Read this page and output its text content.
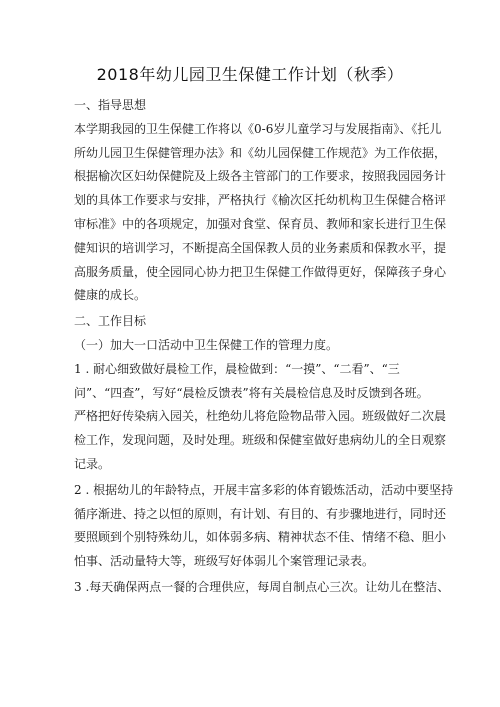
2018年幼儿园卫生保健工作计划（秋季）
一、指导思想
本学期我园的卫生保健工作将以《0-6岁儿童学习与发展指南》、《托儿
所幼儿园卫生保健管理办法》和《幼儿园保健工作规范》为工作依据，
根据榆次区妇幼保健院及上级各主管部门的工作要求，按照我园园务计
划的具体工作要求与安排，严格执行《榆次区托幼机构卫生保健合格评
审标准》中的各项规定，加强对食堂、保育员、教师和家长进行卫生保
健知识的培训学习，不断提高全国保教人员的业务素质和保教水平，提
高服务质量，使全园同心协力把卫生保健工作做得更好，保障孩子身心
健康的成长。
二、工作目标
（一）加大一口活动中卫生保健工作的管理力度。
1 . 耐心细致做好晨检工作，晨检做到：“一摸”、“二看”、“三
问”、“四查”，写好“晨检反馈表”将有关晨检信息及时反馈到各班。
严格把好传染病入园关，杜绝幼儿将危险物品带入园。班级做好二次晨
检工作，发现问题，及时处理。班级和保健室做好患病幼儿的全日观察
记录。
2 . 根据幼儿的年龄特点，开展丰富多彩的体育锻炼活动，活动中要坚持
循序渐进、持之以恒的原则，有计划、有目的、有步骤地进行，同时还
要照顾到个别特殊幼儿，如体弱多病、精神状态不佳、情绪不稳、胆小
怕事、活动量特大等，班级写好体弱儿个案管理记录表。
3 .每天确保两点一餐的合理供应，每周自制点心三次。让幼儿在整洁、
